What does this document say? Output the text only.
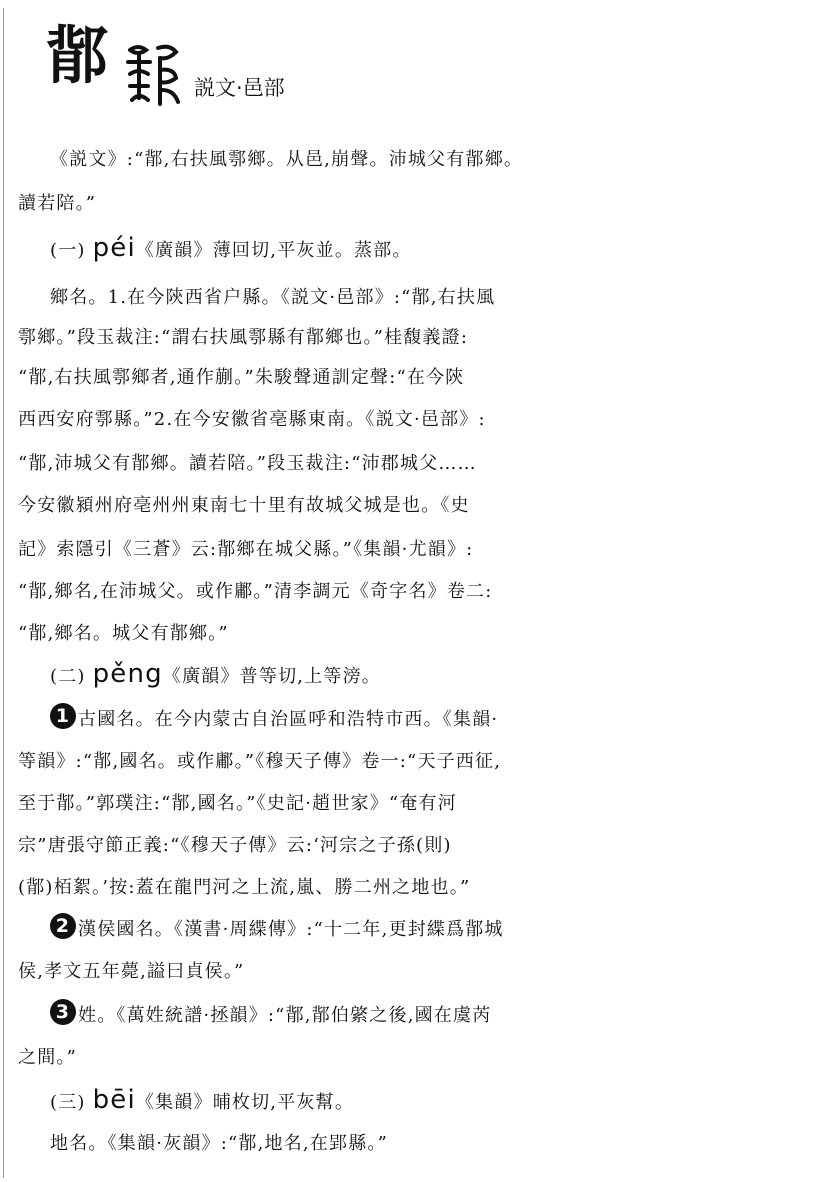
鄁	説文·邑部
《説文》:“鄁,右扶風鄠鄉。从邑,崩聲。沛城父有鄁鄉。
讀若陪。”
(一) péi《廣韻》薄回切,平灰並。蒸部。
鄉名。1.在今陝西省户縣。《説文·邑部》:“鄁,右扶風
鄠鄉。”段玉裁注:“謂右扶風鄠縣有鄁鄉也。”桂馥義證:
“鄁,右扶風鄠鄉者,通作蒯。”朱駿聲通訓定聲:“在今陝
西西安府鄠縣。”2.在今安徽省亳縣東南。《説文·邑部》:
“鄁,沛城父有鄁鄉。讀若陪。”段玉裁注:“沛郡城父……
今安徽潁州府亳州州東南七十里有故城父城是也。《史
記》索隱引《三蒼》云:鄁鄉在城父縣。”《集韻·尤韻》:
“鄁,鄉名,在沛城父。或作鄘。”清李調元《奇字名》卷二:
“鄁,鄉名。城父有鄁鄉。”
(二) pěng《廣韻》普等切,上等滂。
1 古國名。在今内蒙古自治區呼和浩特市西。《集韻·
等韻》:“鄁,國名。或作鄘。”《穆天子傳》卷一:“天子西征,
至于鄁。”郭璞注:“鄁,國名。”《史記·趙世家》“奄有河
宗”唐張守節正義:“《穆天子傳》云:‘河宗之子孫(則)
(鄁)栢絮。’按:蓋在龍門河之上流,嵐、勝二州之地也。”
2 漢侯國名。《漢書·周緤傳》:“十二年,更封緤爲鄁城
侯,孝文五年薨,謚曰貞侯。”
3 姓。《萬姓統譜·拯韻》:“鄁,鄁伯綮之後,國在虞芮
之間。”
(三) bēi《集韻》晡枚切,平灰幫。
地名。《集韻·灰韻》:“鄁,地名,在郢縣。”
